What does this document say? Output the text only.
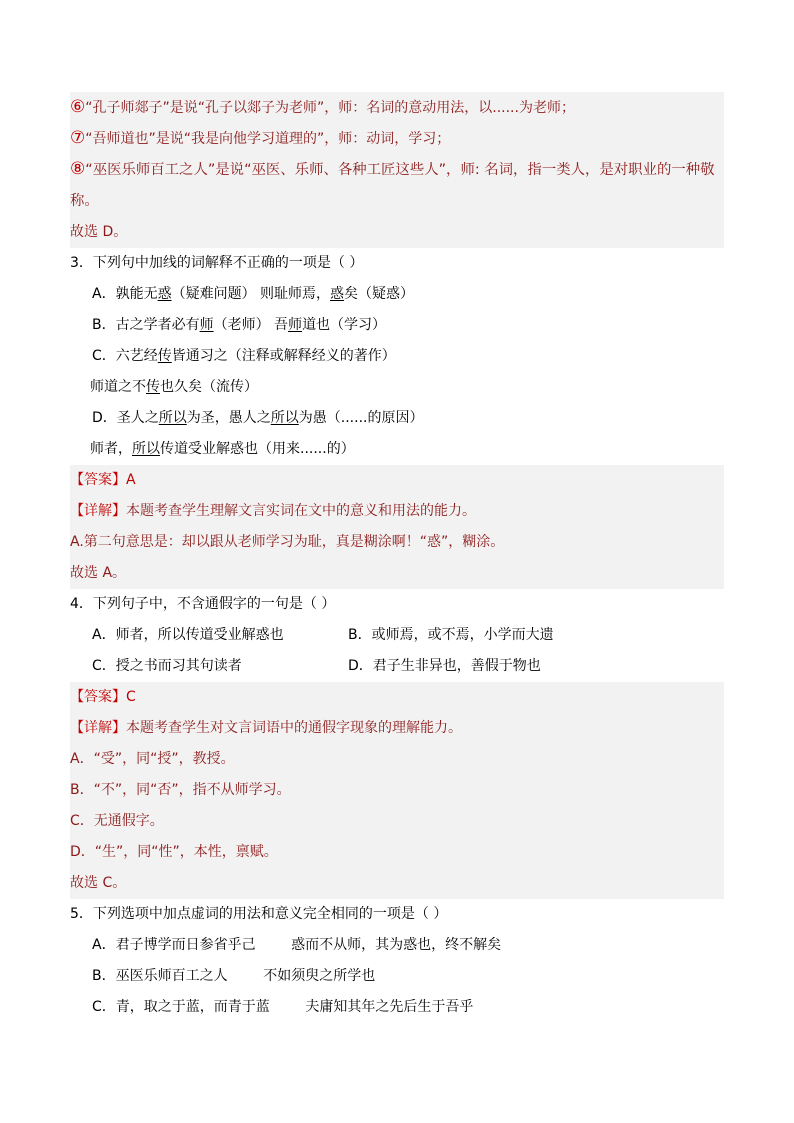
⑥“孔子师郯子”是说“孔子以郯子为老师”，师：名词的意动用法，以......为老师；
⑦“吾师道也”是说“我是向他学习道理的”，师：动词，学习；
⑧“巫医乐师百工之人”是说“巫医、乐师、各种工匠这些人”，师: 名词，指一类人，是对职业的一种敬称。
故选 D。
3．下列句中加线的词解释不正确的一项是（ ）
A．孰能无惑（疑难问题） 则耻师焉，惑矣（疑惑）
B．古之学者必有师（老师） 吾师道也（学习）
C．六艺经传皆通习之（注释或解释经义的著作）
师道之不传也久矣（流传）
D．圣人之所以为圣，愚人之所以为愚（......的原因）
师者，所以传道受业解惑也（用来......的）
【答案】A
【详解】本题考查学生理解文言实词在文中的意义和用法的能力。
A.第二句意思是：却以跟从老师学习为耻，真是糊涂啊！“惑”，糊涂。
故选 A。
4．下列句子中，不含通假字的一句是（ ）
A．师者，所以传道受业解惑也	B．或师焉，或不焉，小学而大遗
C．授之书而习其句读者	D．君子生非异也，善假于物也
【答案】C
【详解】本题考查学生对文言词语中的通假字现象的理解能力。
A．“受”，同“授”，教授。
B．“不”，同“否”，指不从师学习。
C．无通假字。
D．“生”，同“性”，本性，禀赋。
故选 C。
5．下列选项中加点虚词的用法和意义完全相同的一项是（ ）
A．君子博学而日参省乎己        惑而不从师，其为惑也，终不解矣
B．巫医乐师百工之人        不如须臾之所学也
C．青，取之于蓝，而青于蓝        夫庸知其年之先后生于吾乎
